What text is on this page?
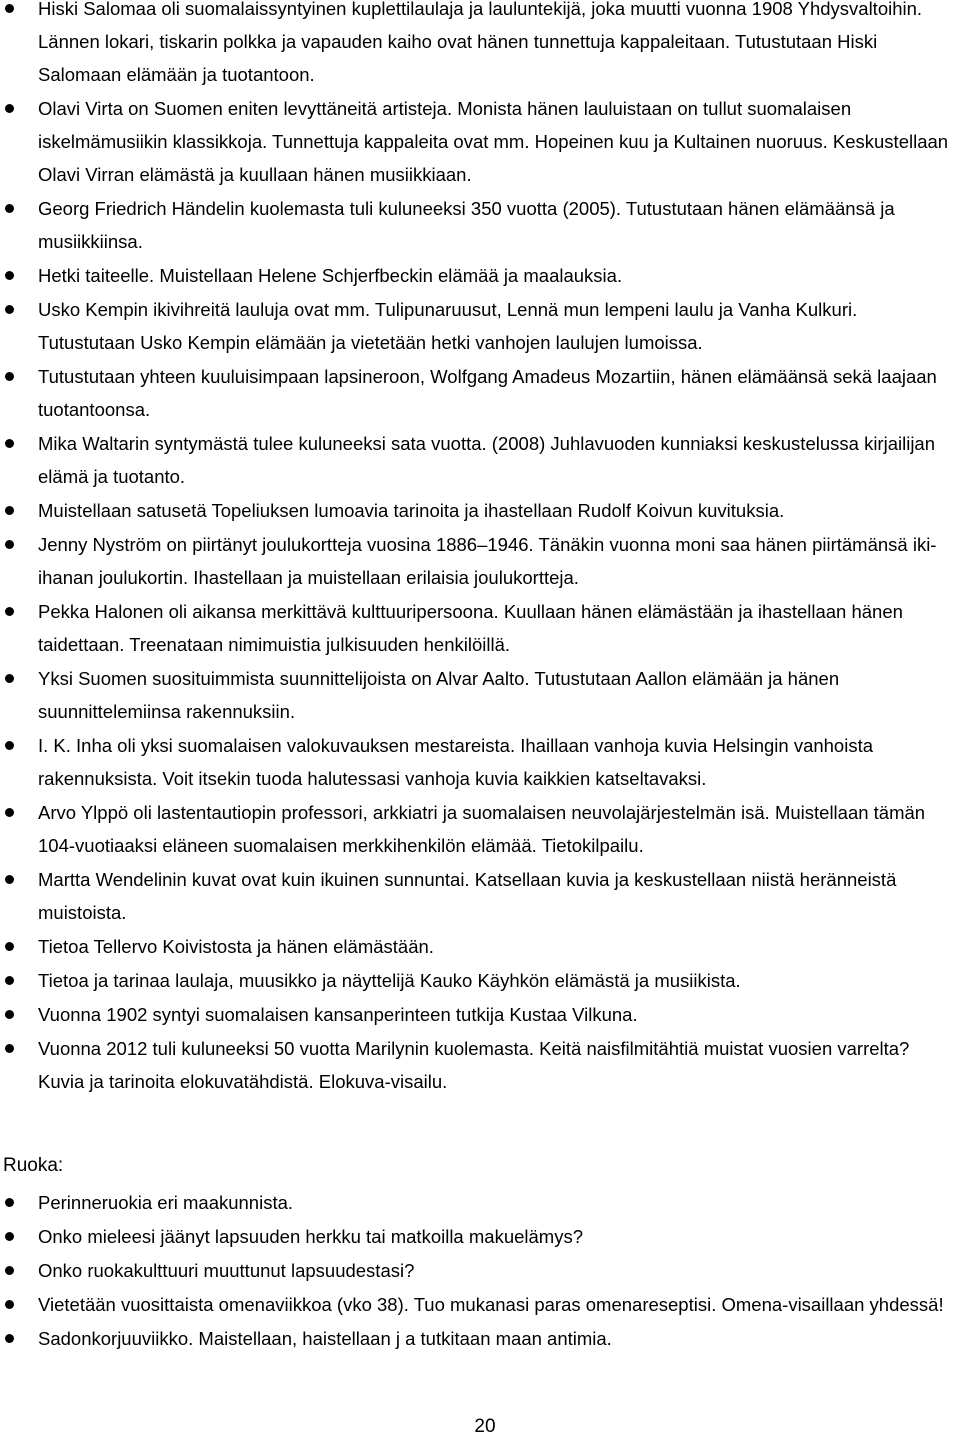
Hiski Salomaa oli suomalaissyntyinen kuplettilaulaja ja lauluntekijä, joka muutti vuonna 1908 Yhdysvaltoihin. Lännen lokari, tiskarin polkka ja vapauden kaiho ovat hänen tunnettuja kappaleitaan. Tutustutaan Hiski Salomaan elämään ja tuotantoon.
Olavi Virta on Suomen eniten levyttäneitä artisteja. Monista hänen lauluistaan on tullut suomalaisen iskelmämusiikin klassikkoja. Tunnettuja kappaleita ovat mm. Hopeinen kuu ja Kultainen nuoruus. Keskustellaan Olavi Virran elämästä ja kuullaan hänen musiikkiaan.
Georg Friedrich Händelin kuolemasta tuli kuluneeksi 350 vuotta (2005). Tutustutaan hänen elämäänsä ja musiikkiinsa.
Hetki taiteelle. Muistellaan Helene Schjerfbeckin elämää ja maalauksia.
Usko Kempin ikivihreitä lauluja ovat mm. Tulipunaruusut, Lennä mun lempeni laulu ja Vanha Kulkuri. Tutustutaan Usko Kempin elämään ja vietetään hetki vanhojen laulujen lumoissa.
Tutustutaan yhteen kuuluisimpaan lapsineroon, Wolfgang Amadeus Mozartiin, hänen elämäänsä sekä laajaan tuotantoonsa.
Mika Waltarin syntymästä tulee kuluneeksi sata vuotta. (2008) Juhlavuoden kunniaksi keskustelussa kirjailijan elämä ja tuotanto.
Muistellaan satusetä Topeliuksen lumoavia tarinoita ja ihastellaan Rudolf Koivun kuvituksia.
Jenny Nyström on piirtänyt joulukortteja vuosina 1886–1946. Tänäkin vuonna moni saa hänen piirtämänsä iki-ihanan joulukortin. Ihastellaan ja muistellaan erilaisia joulukortteja.
Pekka Halonen oli aikansa merkittävä kulttuuripersoona. Kuullaan hänen elämästään ja ihastellaan hänen taidettaan. Treenataan nimimuistia julkisuuden henkilöillä.
Yksi Suomen suosituimmista suunnittelijoista on Alvar Aalto. Tutustutaan Aallon elämään ja hänen suunnittelemiinsa rakennuksiin.
I. K. Inha oli yksi suomalaisen valokuvauksen mestareista. Ihaillaan vanhoja kuvia Helsingin vanhoista rakennuksista. Voit itsekin tuoda halutessasi vanhoja kuvia kaikkien katseltavaksi.
Arvo Ylppö oli lastentautiopin professori, arkkiatri ja suomalaisen neuvolajärjestelmän isä. Muistellaan tämän 104-vuotiaaksi eläneen suomalaisen merkkihenkilön elämää. Tietokilpailu.
Martta Wendelinin kuvat ovat kuin ikuinen sunnuntai. Katsellaan kuvia ja keskustellaan niistä heränneistä muistoista.
Tietoa Tellervo Koivistosta ja hänen elämästään.
Tietoa ja tarinaa laulaja, muusikko ja näyttelijä Kauko Käyhkön elämästä ja musiikista.
Vuonna 1902 syntyi suomalaisen kansanperinteen tutkija Kustaa Vilkuna.
Vuonna 2012 tuli kuluneeksi 50 vuotta Marilynin kuolemasta. Keitä naisfilmitähtiä muistat vuosien varrelta? Kuvia ja tarinoita elokuvatähdistä. Elokuva-visailu.
Ruoka:
Perinneruokia eri maakunnista.
Onko mieleesi jäänyt lapsuuden herkku tai matkoilla makuelämys?
Onko ruokakulttuuri muuttunut lapsuudestasi?
Vietetään vuosittaista omenaviikkoa (vko 38). Tuo mukanasi paras omenareseptisi. Omena-visaillaan yhdessä!
Sadonkorjuuviikko. Maistellaan, haistellaan j a tutkitaan maan antimia.
20
